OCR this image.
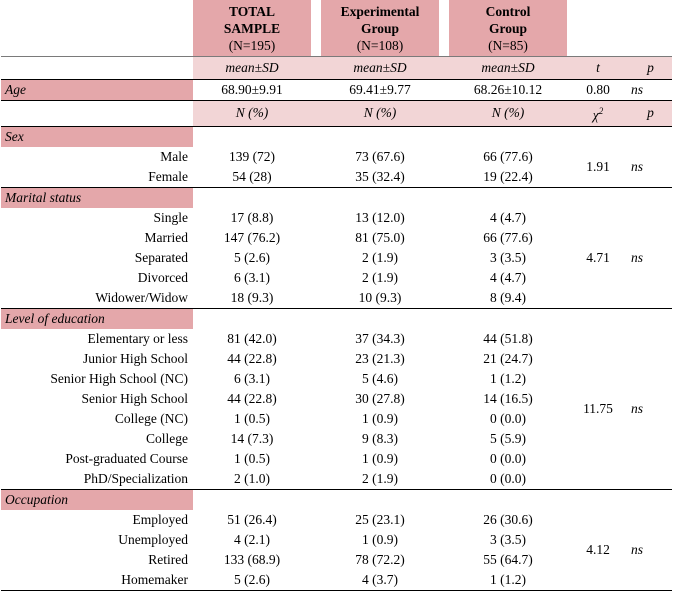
	TOTAL
SAMPLE
(N=195)		Experimental
Group
(N=108)		Control
Group
(N=85)		
	mean±SD		mean±SD		mean±SD	t	p
Age	68.90±9.91		69.41±9.77		68.26±10.12	0.80	ns
	N (%)		N (%)		N (%)	$\chi^2$	p
Sex							
Male	139 (72)		73 (67.6)		66 (77.6)	1.91	ns
Female	54 (28)		35 (32.4)		19 (22.4)		
Marital status							
Single	17 (8.8)		13 (12.0)		4 (4.7)	4.71	ns
Married	147 (76.2)		81 (75.0)		66 (77.6)		
Separated	5 (2.6)		2 (1.9)		3 (3.5)		
Divorced	6 (3.1)		2 (1.9)		4 (4.7)		
Widower/Widow	18 (9.3)		10 (9.3)		8 (9.4)		
Level of education							
Elementary or less	81 (42.0)		37 (34.3)		44 (51.8)	11.75	ns
Junior High School	44 (22.8)		23 (21.3)		21 (24.7)		
Senior High School (NC)	6 (3.1)		5 (4.6)		1 (1.2)		
Senior High School	44 (22.8)		30 (27.8)		14 (16.5)		
College (NC)	1 (0.5)		1 (0.9)		0 (0.0)		
College	14 (7.3)		9 (8.3)		5 (5.9)		
Post-graduated Course	1 (0.5)		1 (0.9)		0 (0.0)		
PhD/Specialization	2 (1.0)		2 (1.9)		0 (0.0)		
Occupation							
Employed	51 (26.4)		25 (23.1)		26 (30.6)	4.12	ns
Unemployed	4 (2.1)		1 (0.9)		3 (3.5)		
Retired	133 (68.9)		78 (72.2)		55 (64.7)		
Homemaker	5 (2.6)		4 (3.7)		1 (1.2)		
